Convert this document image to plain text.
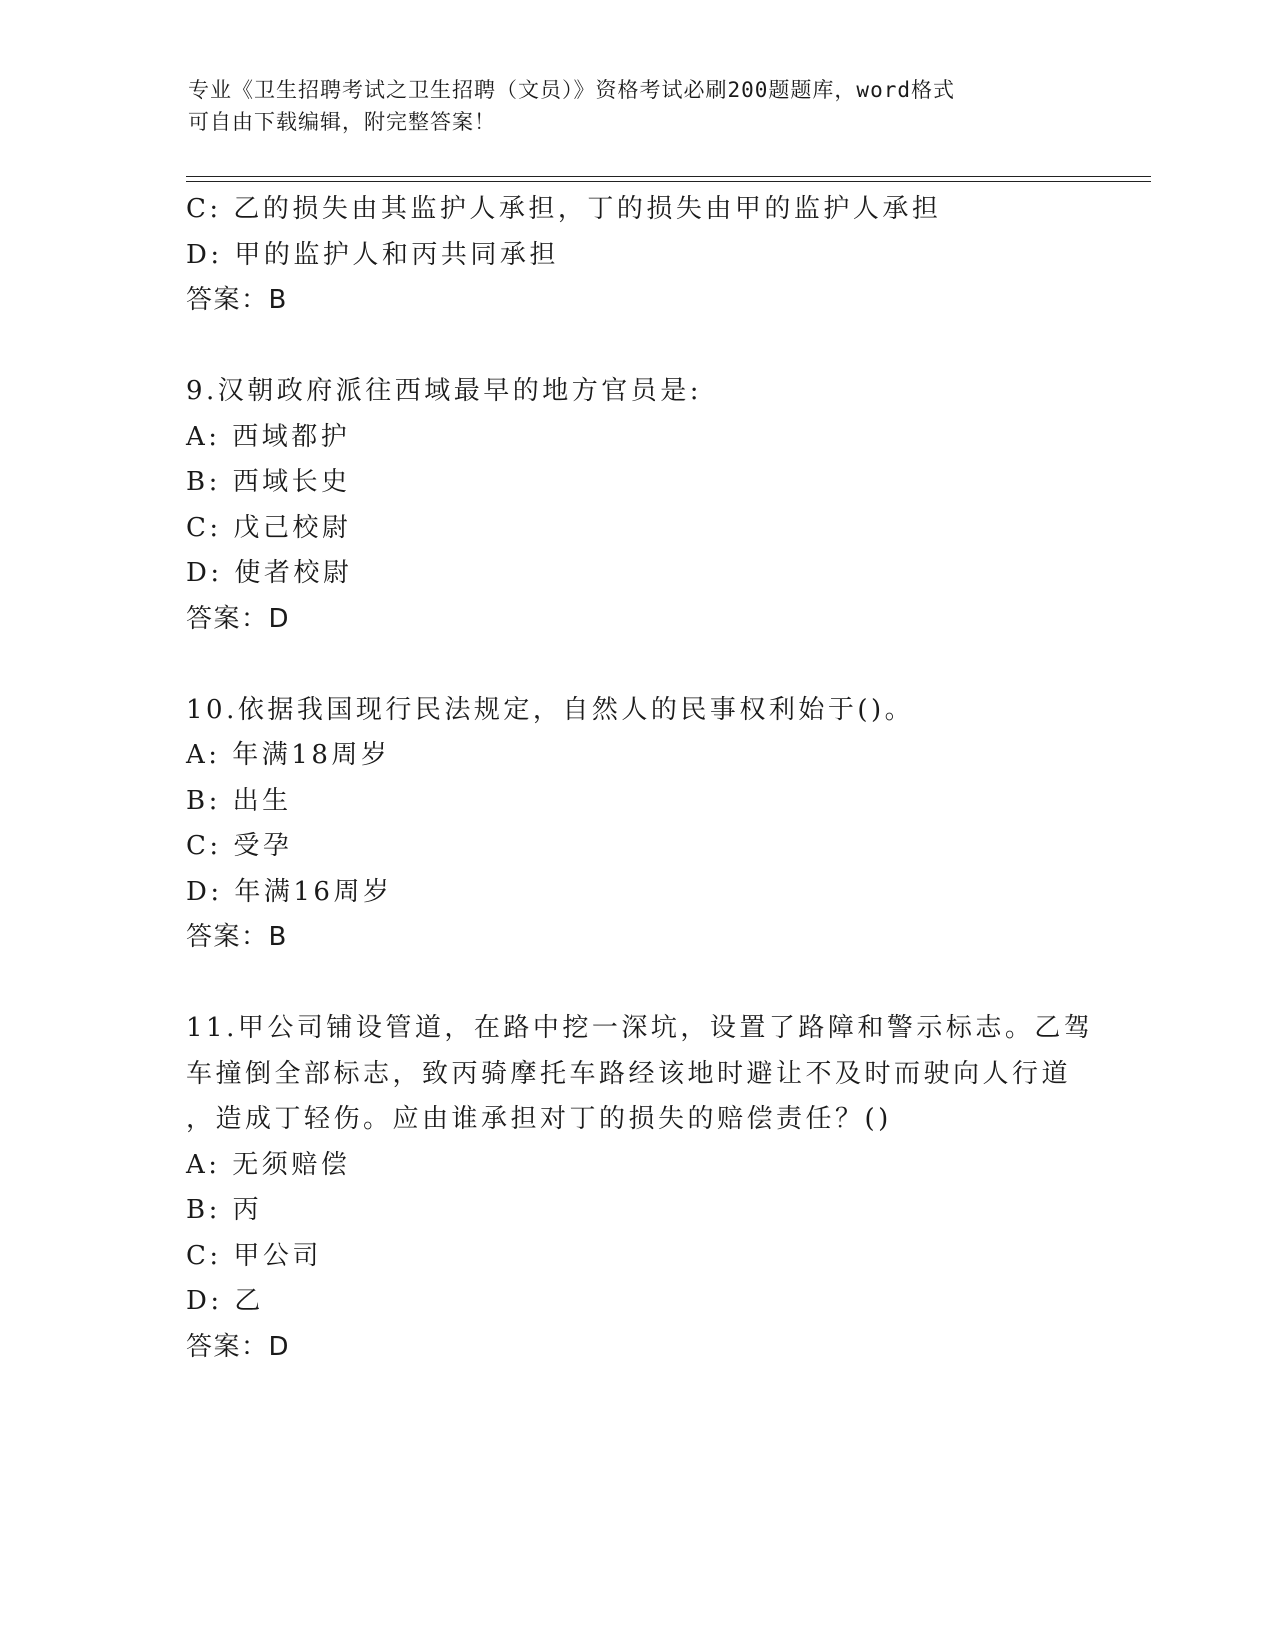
专业《卫生招聘考试之卫生招聘（文员）》资格考试必刷200题题库，word格式
可自由下载编辑，附完整答案！
C: 乙的损失由其监护人承担，丁的损失由甲的监护人承担
D: 甲的监护人和丙共同承担
答案：B
9.汉朝政府派往西域最早的地方官员是:
A: 西域都护
B: 西域长史
C: 戊己校尉
D: 使者校尉
答案：D
10.依据我国现行民法规定，自然人的民事权利始于()。
A: 年满18周岁
B: 出生
C: 受孕
D: 年满16周岁
答案：B
11.甲公司铺设管道，在路中挖一深坑，设置了路障和警示标志。乙驾
车撞倒全部标志，致丙骑摩托车路经该地时避让不及时而驶向人行道
，造成丁轻伤。应由谁承担对丁的损失的赔偿责任？()
A: 无须赔偿
B: 丙
C: 甲公司
D: 乙
答案：D
